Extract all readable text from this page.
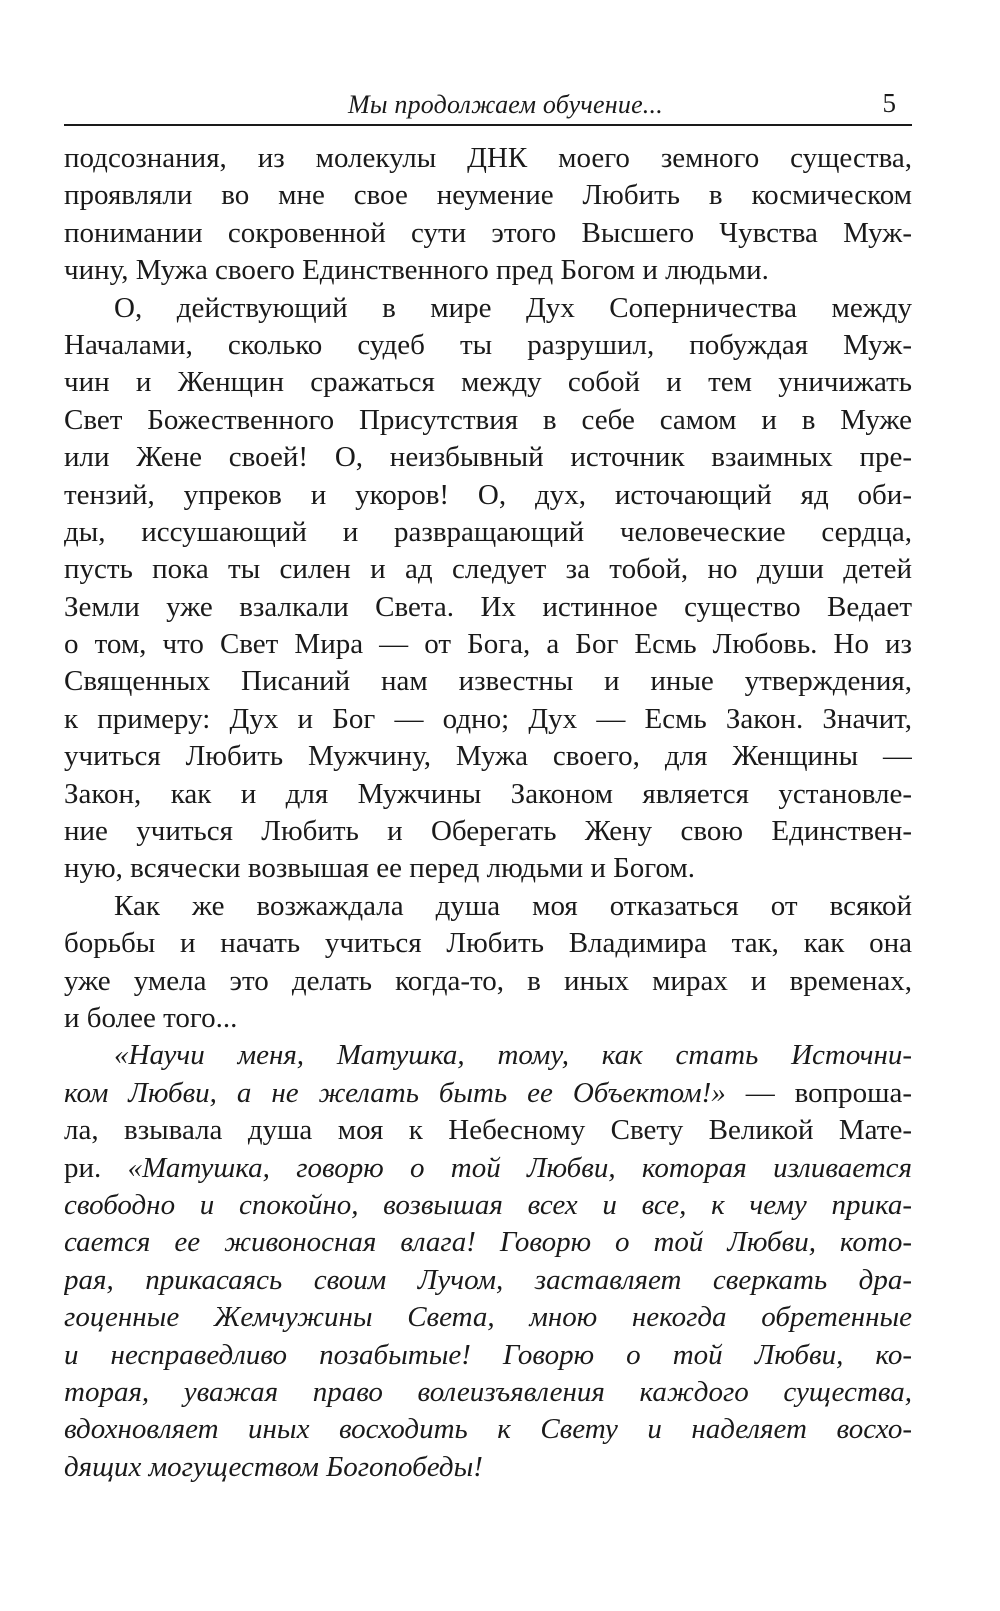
Мы продолжаем обучение...	5
подсознания, из молекулы ДНК моего земного существа,
проявляли во мне свое неумение Любить в космическом
понимании сокровенной сути этого Высшего Чувства Муж-
чину, Мужа своего Единственного пред Богом и людьми.
О, действующий в мире Дух Соперничества между
Началами, сколько судеб ты разрушил, побуждая Муж-
чин и Женщин сражаться между собой и тем уничижать
Свет Божественного Присутствия в себе самом и в Муже
или Жене своей! О, неизбывный источник взаимных пре-
тензий, упреков и укоров! О, дух, источающий яд оби-
ды, иссушающий и развращающий человеческие сердца,
пусть пока ты силен и ад следует за тобой, но души детей
Земли уже взалкали Света. Их истинное существо Ведает
о том, что Свет Мира — от Бога, а Бог Есмь Любовь. Но из
Священных Писаний нам известны и иные утверждения,
к примеру: Дух и Бог — одно; Дух — Есмь Закон. Значит,
учиться Любить Мужчину, Мужа своего, для Женщины —
Закон, как и для Мужчины Законом является установле-
ние учиться Любить и Оберегать Жену свою Единствен-
ную, всячески возвышая ее перед людьми и Богом.
Как же возжаждала душа моя отказаться от всякой
борьбы и начать учиться Любить Владимира так, как она
уже умела это делать когда-то, в иных мирах и временах,
и более того...
«Научи меня, Матушка, тому, как стать Источни-
ком Любви, а не желать быть ее Объектом!» — вопроша-
ла, взывала душа моя к Небесному Свету Великой Мате-
ри. «Матушка, говорю о той Любви, которая изливается
свободно и спокойно, возвышая всех и все, к чему прика-
сается ее живоносная влага! Говорю о той Любви, кото-
рая, прикасаясь своим Лучом, заставляет сверкать дра-
гоценные Жемчужины Света, мною некогда обретенные
и несправедливо позабытые! Говорю о той Любви, ко-
торая, уважая право волеизъявления каждого существа,
вдохновляет иных восходить к Свету и наделяет восхо-
дящих могуществом Богопобеды!
